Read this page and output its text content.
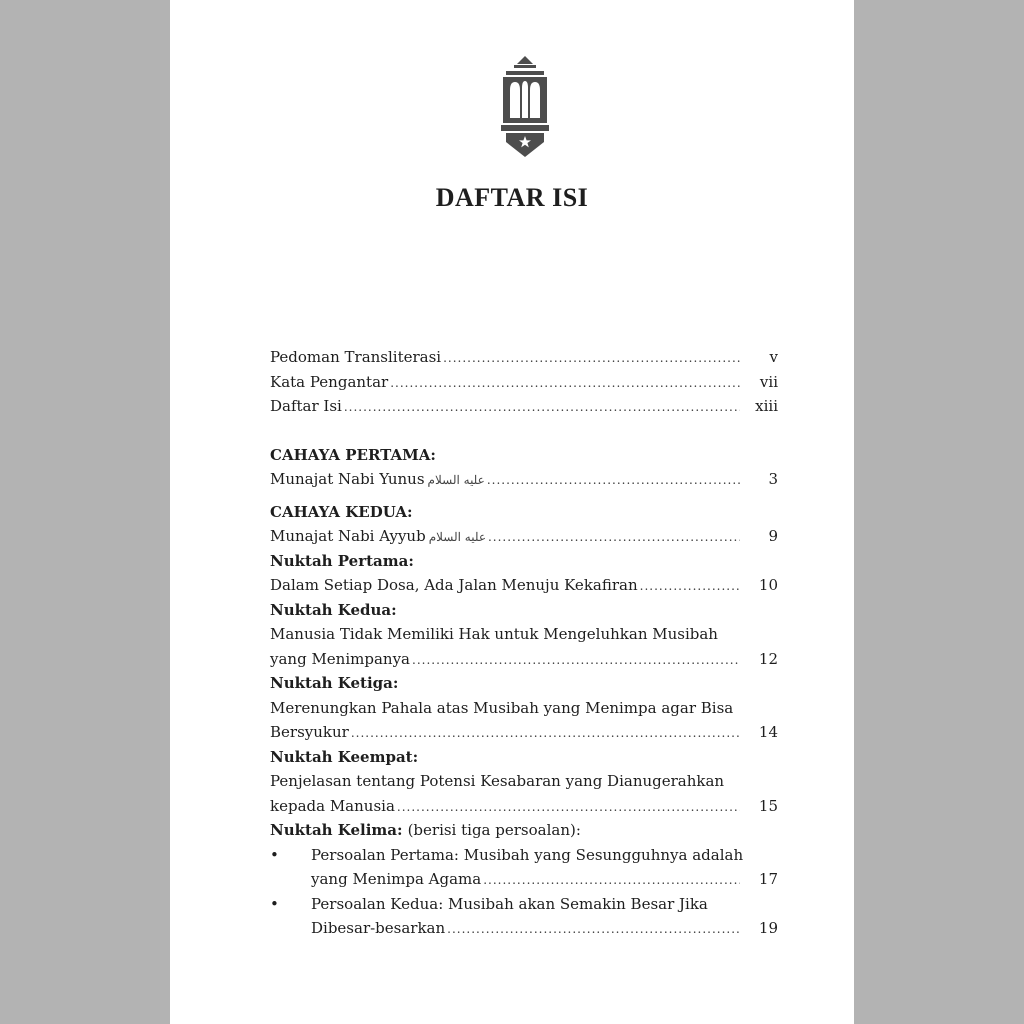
DAFTAR ISI
Pedoman Transliterasi .....	v
Kata Pengantar .....	vii
Daftar Isi .....	xiii
CAHAYA PERTAMA:
Munajat Nabi Yunus عليه السلام .....	3
CAHAYA KEDUA:
Munajat Nabi Ayyub عليه السلام .....	9
Nuktah Pertama:
Dalam Setiap Dosa, Ada Jalan Menuju Kekafiran .....	10
Nuktah Kedua:
Manusia Tidak Memiliki Hak untuk Mengeluhkan Musibah
yang Menimpanya .....	12
Nuktah Ketiga:
Merenungkan Pahala atas Musibah yang Menimpa agar Bisa
Bersyukur .....	14
Nuktah Keempat:
Penjelasan tentang Potensi Kesabaran yang Dianugerahkan
kepada Manusia .....	15
Nuktah Kelima: (berisi tiga persoalan):
•	Persoalan Pertama: Musibah yang Sesungguhnya adalah
yang Menimpa Agama .....	17
•	Persoalan Kedua: Musibah akan Semakin Besar Jika
Dibesar-besarkan .....	19
